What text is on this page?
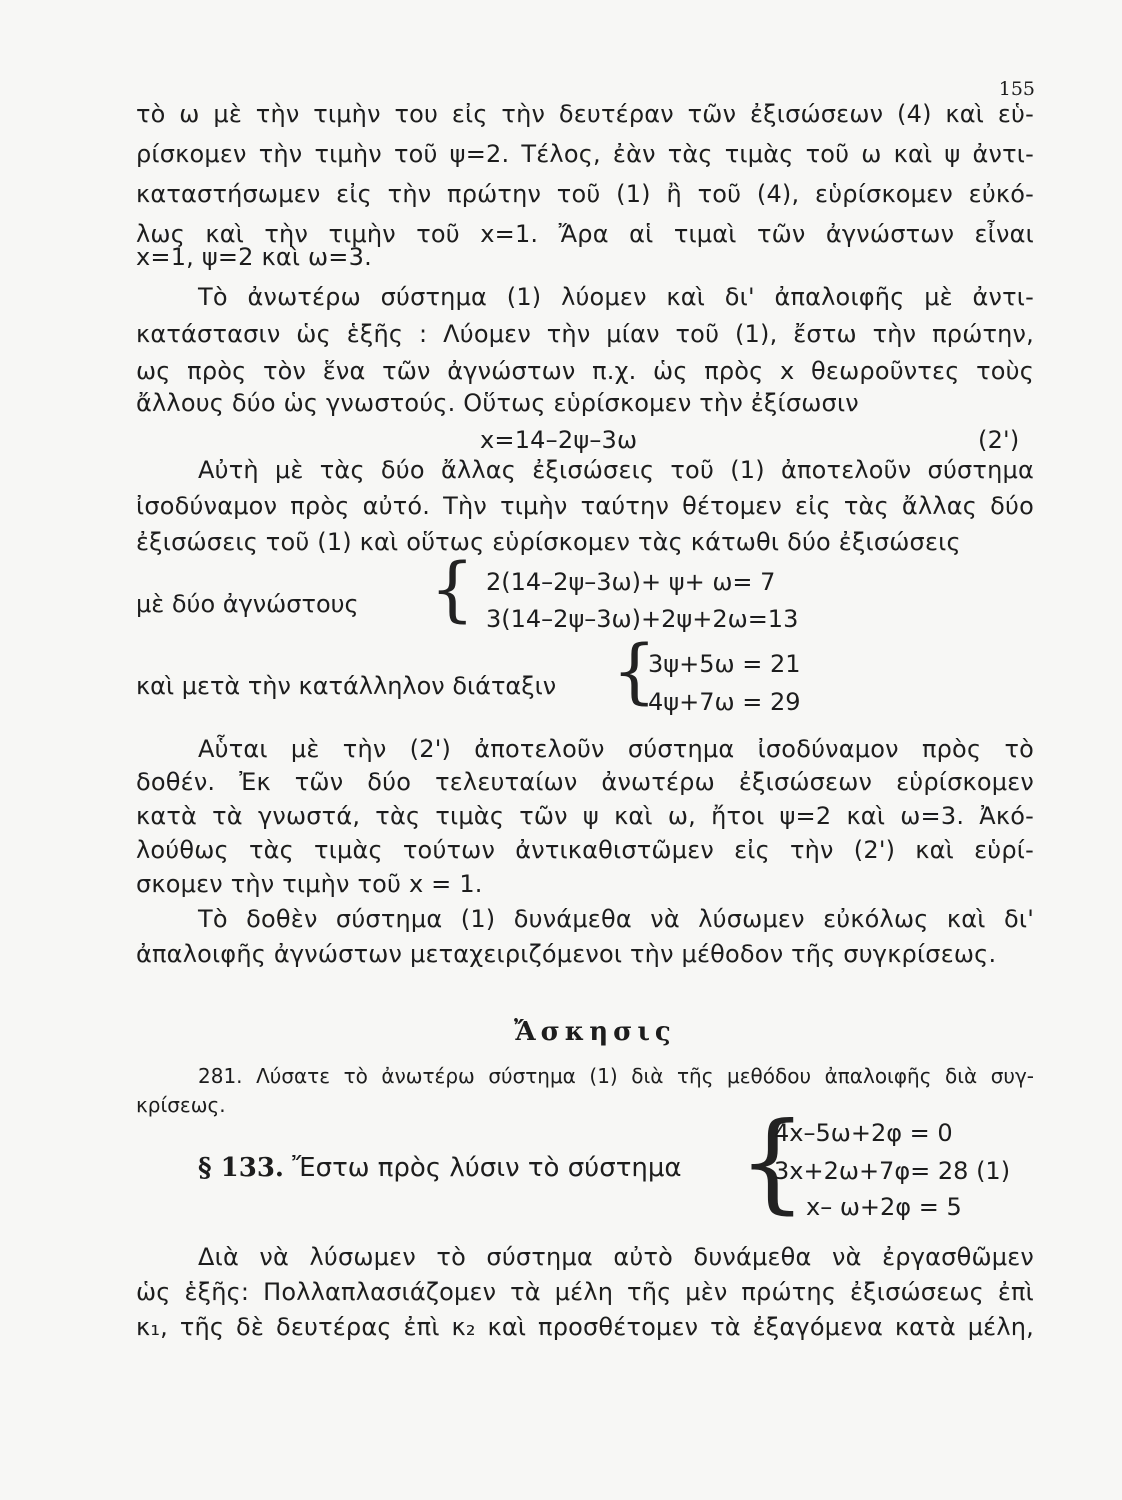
155
τὸ ω μὲ τὴν τιμὴν του εἰς τὴν δευτέραν τῶν ἐξισώσεων (4) καὶ εὑ-
ρίσκομεν τὴν τιμὴν τοῦ ψ=2. Τέλος, ἐὰν τὰς τιμὰς τοῦ ω καὶ ψ ἀντι-
καταστήσωμεν εἰς τὴν πρώτην τοῦ (1) ἢ τοῦ (4), εὑρίσκομεν εὐκό-
λως καὶ τὴν τιμὴν τοῦ x=1. Ἄρα αἱ τιμαὶ τῶν ἀγνώστων εἶναι
x=1, ψ=2 καὶ ω=3.
Τὸ ἀνωτέρω σύστημα (1) λύομεν καὶ δι' ἀπαλοιφῆς μὲ ἀντι-
κατάστασιν ὡς ἑξῆς : Λύομεν τὴν μίαν τοῦ (1), ἔστω τὴν πρώτην,
ως πρὸς τὸν ἕνα τῶν ἀγνώστων π.χ. ὡς πρὸς x θεωροῦντες τοὺς
ἄλλους δύο ὡς γνωστούς. Οὕτως εὑρίσκομεν τὴν ἐξίσωσιν
x=14–2ψ–3ω	(2')
Αὐτὴ μὲ τὰς δύο ἄλλας ἐξισώσεις τοῦ (1) ἀποτελοῦν σύστημα
ἰσοδύναμον πρὸς αὐτό. Τὴν τιμὴν ταύτην θέτομεν εἰς τὰς ἄλλας δύο
ἐξισώσεις τοῦ (1) καὶ οὕτως εὑρίσκομεν τὰς κάτωθι δύο ἐξισώσεις
μὲ δύο ἀγνώστους { 2(14–2ψ–3ω)+ ψ+ ω= 7
3(14–2ψ–3ω)+2ψ+2ω=13
καὶ μετὰ τὴν κατάλληλον διάταξιν {
3ψ+5ω = 21
4ψ+7ω = 29
Αὗται μὲ τὴν (2') ἀποτελοῦν σύστημα ἰσοδύναμον πρὸς τὸ
δοθέν. Ἐκ τῶν δύο τελευταίων ἀνωτέρω ἐξισώσεων εὑρίσκομεν
κατὰ τὰ γνωστά, τὰς τιμὰς τῶν ψ καὶ ω, ἤτοι ψ=2 καὶ ω=3. Ἀκό-
λούθως τὰς τιμὰς τούτων ἀντικαθιστῶμεν εἰς τὴν (2') καὶ εὑρί-
σκομεν τὴν τιμὴν τοῦ x = 1.
Τὸ δοθὲν σύστημα (1) δυνάμεθα νὰ λύσωμεν εὐκόλως καὶ δι'
ἀπαλοιφῆς ἀγνώστων μεταχειριζόμενοι τὴν μέθοδον τῆς συγκρίσεως.
Ἄσκησις
281. Λύσατε τὸ ἀνωτέρω σύστημα (1) διὰ τῆς μεθόδου ἀπαλοιφῆς διὰ συγ-
κρίσεως.
§ 133. Ἔστω πρὸς λύσιν τὸ σύστημα {
4x–5ω+2φ = 0
3x+2ω+7φ= 28 (1)
x– ω+2φ = 5
Διὰ νὰ λύσωμεν τὸ σύστημα αὐτὸ δυνάμεθα νὰ ἐργασθῶμεν
ὡς ἑξῆς: Πολλαπλασιάζομεν τὰ μέλη τῆς μὲν πρώτης ἐξισώσεως ἐπὶ
κ₁, τῆς δὲ δευτέρας ἐπὶ κ₂ καὶ προσθέτομεν τὰ ἐξαγόμενα κατὰ μέλη,
